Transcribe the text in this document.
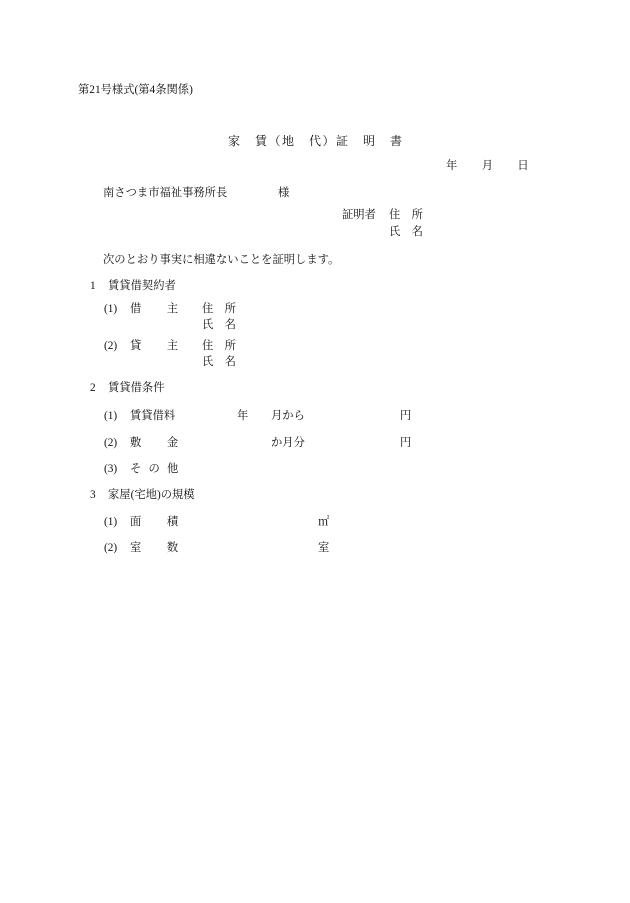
第21号様式(第4条関係)
家　賃（地　代）証　明　書
年　　月　　日
南さつま市福祉事務所長	様
証明者 住　所
氏　名
次のとおり事実に相違ないことを証明します。
1 賃貸借契約者
(1) 借　　主 住　所
氏　名
(2) 貸　　主 住　所
氏　名
2 賃貸借条件
(1) 賃貸借料	年 月から	円
(2) 敷　　金	か月分	円
(3) その他
3 家屋(宅地)の規模
(1) 面　　積	㎡
(2) 室　　数	室
